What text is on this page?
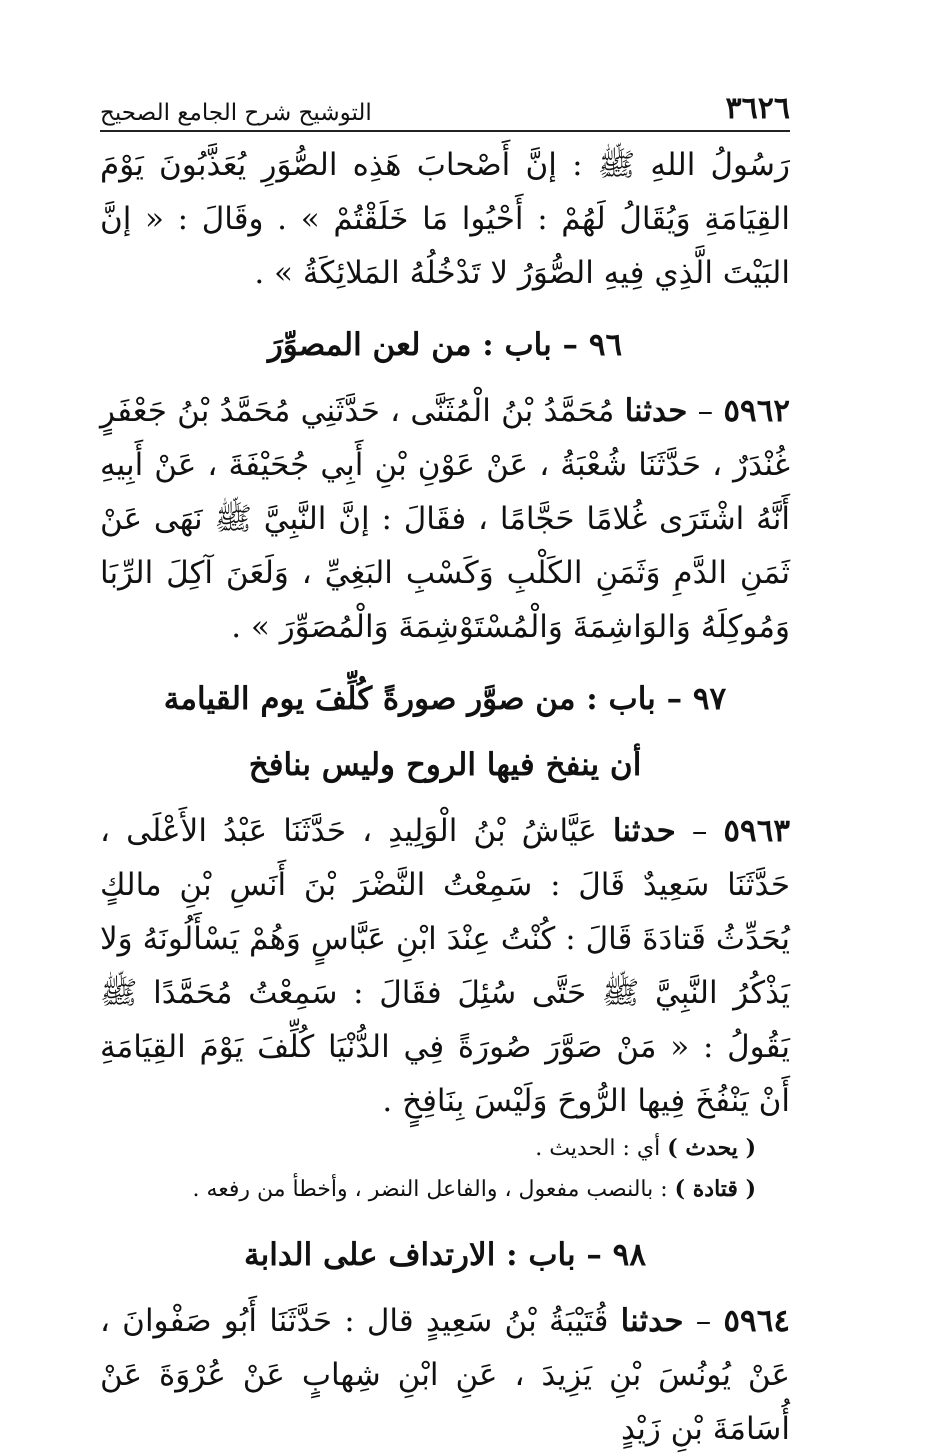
٣٦٢٦
التوشيح شرح الجامع الصحيح

رَسُولُ اللهِ ﷺ : إنَّ أَصْحابَ هَذِه الصُّوَرِ يُعَذَّبُونَ يَوْمَ القِيَامَةِ وَيُقَالُ لَهُمْ : أَحْيُوا مَا خَلَقْتُمْ » . وقَالَ : « إنَّ البَيْتَ الَّذِي فِيهِ الصُّوَرُ لا تَدْخُلُهُ المَلائِكَةُ » .

٩٦ – باب : من لعن المصوِّرَ

٥٩٦٢ – حدثنا مُحَمَّدُ بْنُ الْمُثَنَّى ، حَدَّثَنِي مُحَمَّدُ بْنُ جَعْفَرٍ غُنْدَرٌ ، حَدَّثَنَا شُعْبَةُ ، عَنْ عَوْنِ بْنِ أَبِي جُحَيْفَةَ ، عَنْ أَبِيهِ أَنَّهُ اشْتَرَى غُلامًا حَجَّامًا ، فقَالَ : إنَّ النَّبِيَّ ﷺ نَهَى عَنْ ثَمَنِ الدَّمِ وَثَمَنِ الكَلْبِ وَكَسْبِ البَغِيِّ ، وَلَعَنَ آكِلَ الرِّبَا وَمُوكِلَهُ وَالوَاشِمَةَ وَالْمُسْتَوْشِمَةَ وَالْمُصَوِّرَ » .

٩٧ – باب : من صوَّر صورةً كُلِّفَ يوم القيامة
أن ينفخ فيها الروح وليس بنافخ

٥٩٦٣ – حدثنا عَيَّاشُ بْنُ الْوَلِيدِ ، حَدَّثَنَا عَبْدُ الأَعْلَى ، حَدَّثَنَا سَعِيدٌ قَالَ : سَمِعْتُ النَّضْرَ بْنَ أَنَسِ بْنِ مالكٍ يُحَدِّثُ قَتادَةَ قَالَ : كُنْتُ عِنْدَ ابْنِ عَبَّاسٍ وَهُمْ يَسْأَلُونَهُ وَلا يَذْكُرُ النَّبِيَّ ﷺ حَتَّى سُئِلَ فقَالَ : سَمِعْتُ مُحَمَّدًا ﷺ يَقُولُ : « مَنْ صَوَّرَ صُورَةً فِي الدُّنْيَا كُلِّفَ يَوْمَ القِيَامَةِ أَنْ يَنْفُخَ فِيها الرُّوحَ وَلَيْسَ بِنَافِخٍ .

( يحدث ) أي : الحديث .

( قتادة ) : بالنصب مفعول ، والفاعل النضر ، وأخطأ من رفعه .

٩٨ – باب : الارتداف على الدابة

٥٩٦٤ – حدثنا قُتَيْبَةُ بْنُ سَعِيدٍ قال : حَدَّثَنَا أَبُو صَفْوانَ ، عَنْ يُونُسَ بْنِ يَزِيدَ ، عَنِ ابْنِ شِهابٍ عَنْ عُرْوَةَ عَنْ أُسَامَةَ بْنِ زَيْدٍ
